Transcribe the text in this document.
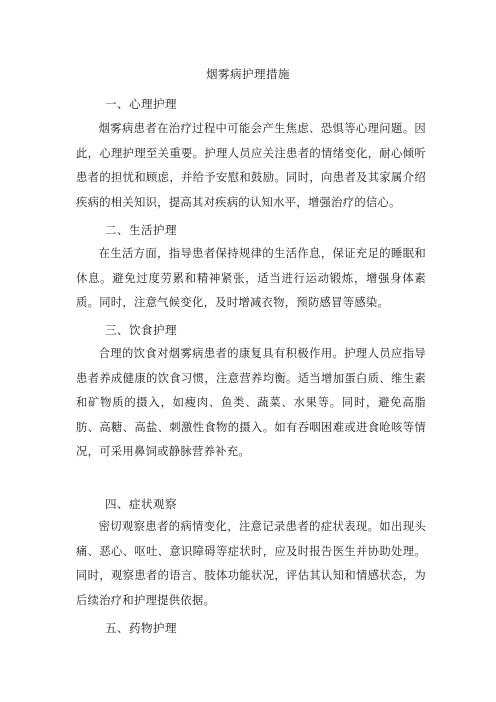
烟雾病护理措施
一、心理护理
烟雾病患者在治疗过程中可能会产生焦虑、恐惧等心理问题。因此，心理护理至关重要。护理人员应关注患者的情绪变化，耐心倾听患者的担忧和顾虑，并给予安慰和鼓励。同时，向患者及其家属介绍疾病的相关知识，提高其对疾病的认知水平，增强治疗的信心。
二、生活护理
在生活方面，指导患者保持规律的生活作息，保证充足的睡眠和休息。避免过度劳累和精神紧张，适当进行运动锻炼，增强身体素质。同时，注意气候变化，及时增减衣物，预防感冒等感染。
三、饮食护理
合理的饮食对烟雾病患者的康复具有积极作用。护理人员应指导患者养成健康的饮食习惯，注意营养均衡。适当增加蛋白质、维生素和矿物质的摄入，如瘦肉、鱼类、蔬菜、水果等。同时，避免高脂肪、高糖、高盐、刺激性食物的摄入。如有吞咽困难或进食呛咳等情况，可采用鼻饲或静脉营养补充。
四、症状观察
密切观察患者的病情变化，注意记录患者的症状表现。如出现头痛、恶心、呕吐、意识障碍等症状时，应及时报告医生并协助处理。同时，观察患者的语言、肢体功能状况，评估其认知和情感状态，为后续治疗和护理提供依据。
五、药物护理
